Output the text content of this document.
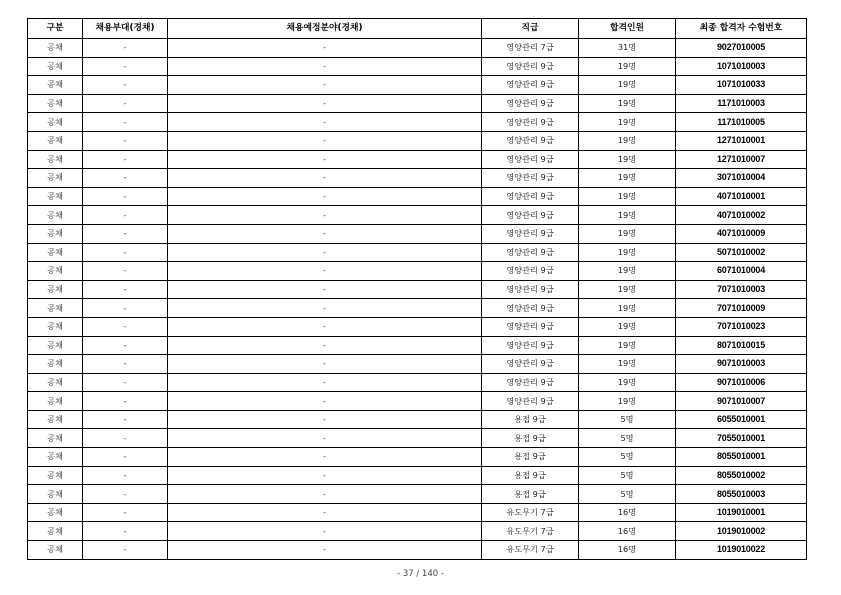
구분	채용부대(경채)	채용예정분야(경채)	직급	합격인원	최종 합격자 수험번호
공채	-	-	영양관리 7급	31명	9027010005
공채	-	-	영양관리 9급	19명	1071010003
공채	-	-	영양관리 9급	19명	1071010033
공채	-	-	영양관리 9급	19명	1171010003
공채	-	-	영양관리 9급	19명	1171010005
공채	-	-	영양관리 9급	19명	1271010001
공채	-	-	영양관리 9급	19명	1271010007
공채	-	-	영양관리 9급	19명	3071010004
공채	-	-	영양관리 9급	19명	4071010001
공채	-	-	영양관리 9급	19명	4071010002
공채	-	-	영양관리 9급	19명	4071010009
공채	-	-	영양관리 9급	19명	5071010002
공채	-	-	영양관리 9급	19명	6071010004
공채	-	-	영양관리 9급	19명	7071010003
공채	-	-	영양관리 9급	19명	7071010009
공채	-	-	영양관리 9급	19명	7071010023
공채	-	-	영양관리 9급	19명	8071010015
공채	-	-	영양관리 9급	19명	9071010003
공채	-	-	영양관리 9급	19명	9071010006
공채	-	-	영양관리 9급	19명	9071010007
공채	-	-	용접 9급	5명	6055010001
공채	-	-	용접 9급	5명	7055010001
공채	-	-	용접 9급	5명	8055010001
공채	-	-	용접 9급	5명	8055010002
공채	-	-	용접 9급	5명	8055010003
공채	-	-	유도무기 7급	16명	1019010001
공채	-	-	유도무기 7급	16명	1019010002
공채	-	-	유도무기 7급	16명	1019010022
- 37 / 140 -
